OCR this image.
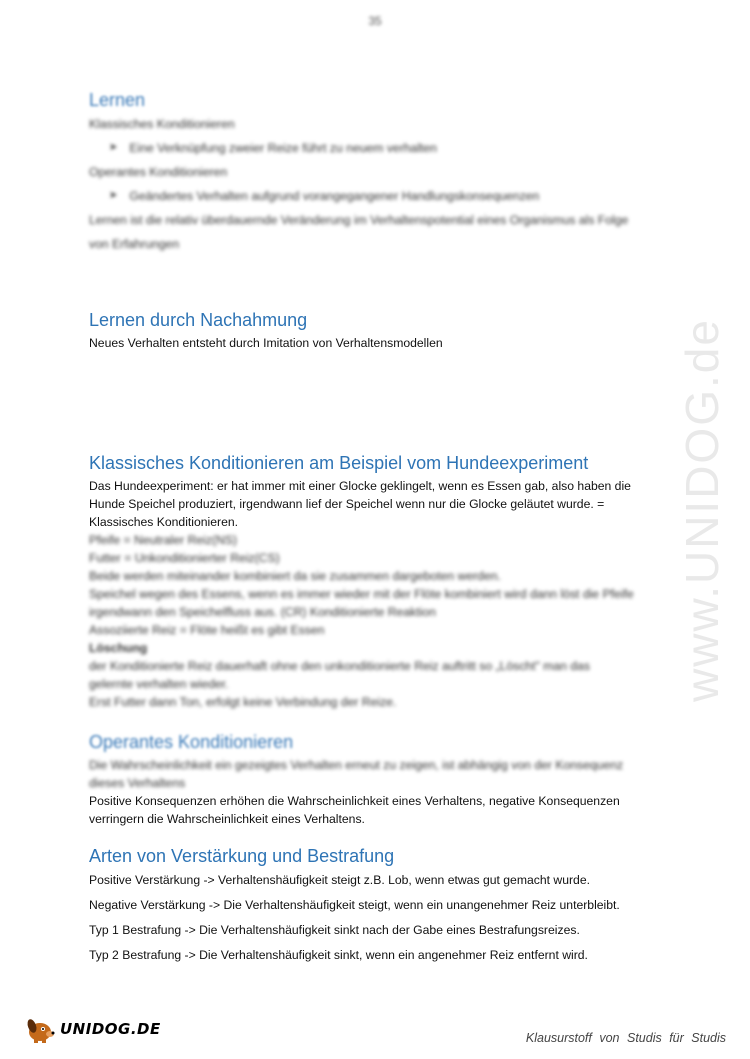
35
www.UNIDOG.de
Lernen

Klassisches Konditionieren

➤ Eine Verknüpfung zweier Reize führt zu neuem verhalten

Operantes Konditionieren

➤ Geändertes Verhalten aufgrund vorangegangener Handlungskonsequenzen

Lernen ist die relativ überdauernde Veränderung im Verhaltenspotential eines Organismus als Folge

von Erfahrungen

Lernen durch Nachahmung

Neues Verhalten entsteht durch Imitation von Verhaltensmodellen

Klassisches Konditionieren am Beispiel vom Hundeexperiment

Das Hundeexperiment: er hat immer mit einer Glocke geklingelt, wenn es Essen gab, also haben die

Hunde Speichel produziert, irgendwann lief der Speichel wenn nur die Glocke geläutet wurde. =

Klassisches Konditionieren.

Pfeife = Neutraler Reiz(NS)

Futter = Unkonditionierter Reiz(CS)

Beide werden miteinander kombiniert da sie zusammen dargeboten werden.

Speichel wegen des Essens, wenn es immer wieder mit der Flöte kombiniert wird dann löst die Pfeife

irgendwann den Speichelfluss aus. (CR) Konditionierte Reaktion

Assoziierte Reiz = Flöte heißt es gibt Essen

Löschung

der Konditionierte Reiz dauerhaft ohne den unkonditionierte Reiz auftritt so „Löscht" man das

gelernte verhalten wieder.

Erst Futter dann Ton, erfolgt keine Verbindung der Reize.

Operantes Konditionieren

Die Wahrscheinlichkeit ein gezeigtes Verhalten erneut zu zeigen, ist abhängig von der Konsequenz

dieses Verhaltens

Positive Konsequenzen erhöhen die Wahrscheinlichkeit eines Verhaltens, negative Konsequenzen

verringern die Wahrscheinlichkeit eines Verhaltens.

Arten von Verstärkung und Bestrafung

Positive Verstärkung -> Verhaltenshäufigkeit steigt z.B. Lob, wenn etwas gut gemacht wurde.

Negative Verstärkung -> Die Verhaltenshäufigkeit steigt, wenn ein unangenehmer Reiz unterbleibt.

Typ 1 Bestrafung -> Die Verhaltenshäufigkeit sinkt nach der Gabe eines Bestrafungsreizes.

Typ 2 Bestrafung -> Die Verhaltenshäufigkeit sinkt, wenn ein angenehmer Reiz entfernt wird.

UNIDOG.DE	Klausurstoff von Studis für Studis
